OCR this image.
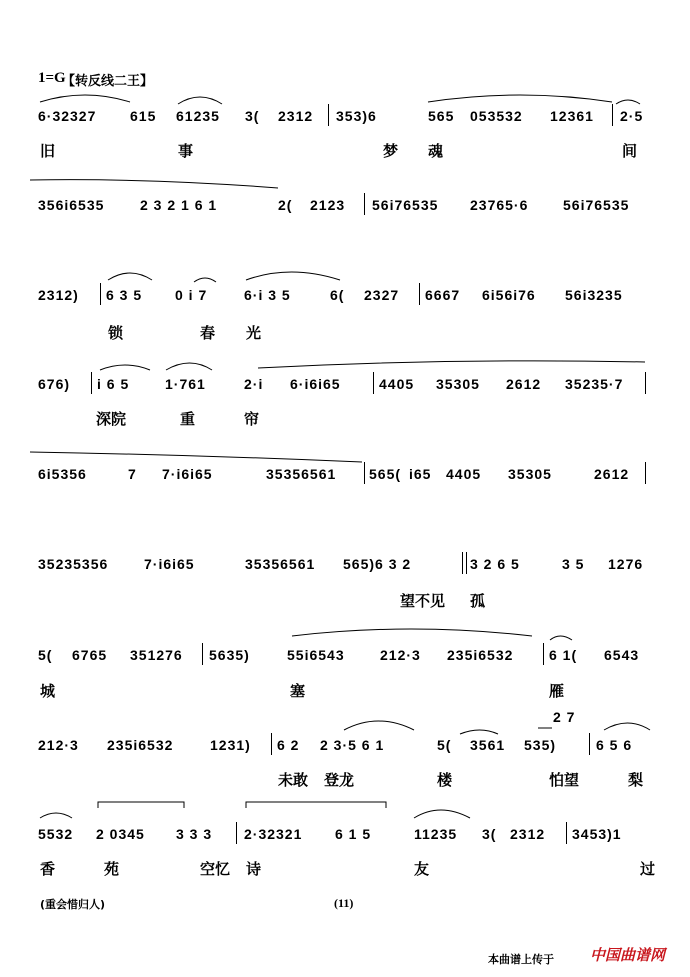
1=G
【转反线二王】
6·32327 615 61235 3( 2312 353)6	565 053532 12361 2·5
旧	事	梦 魂	间
356i6535	2 3 2 1 6 1	2( 2123 56i76535 23765·6 56i76535
2312) 6 3 5 0 i 7	6·i 3 5	6( 2327 6667 6i56i76 56i3235
锁	春 光
676) i 6 5	1·761	2·i 6·i6i65	4405 35305 2612 35235·7
深院	重	帘
6i5356	7 7·i6i65	35356561 565( i65 4405 35305	2612
35235356	7·i6i65	35356561 565)6 3 2	3 2 6 5	3 5 1276
望不见 孤
5( 6765 351276 5635)	55i6543	212·3 235i6532	6 1( 6543
城	塞	雁
2 7
212·3 235i6532	1231) 6 2 2 3·5 6 1	5( 3561 535)	6 5 6
未敢 登龙	楼	怕望	梨
5532 2 0345 3 3 3 2·32321 6 1 5	11235 3( 2312 3453)1
香	苑	空忆 诗	友	过
(重会惜归人)	(11)
本曲谱上传于 中国曲谱网
